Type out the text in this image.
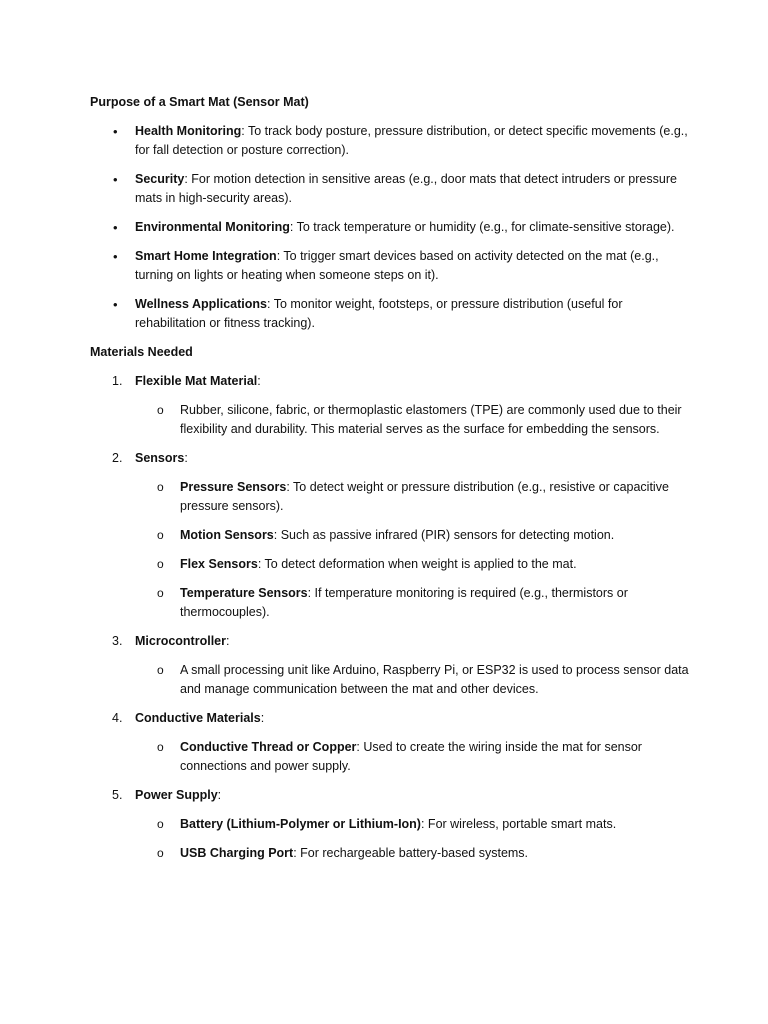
Purpose of a Smart Mat (Sensor Mat)
• Health Monitoring: To track body posture, pressure distribution, or detect specific movements (e.g., for fall detection or posture correction).
• Security: For motion detection in sensitive areas (e.g., door mats that detect intruders or pressure mats in high-security areas).
• Environmental Monitoring: To track temperature or humidity (e.g., for climate-sensitive storage).
• Smart Home Integration: To trigger smart devices based on activity detected on the mat (e.g., turning on lights or heating when someone steps on it).
• Wellness Applications: To monitor weight, footsteps, or pressure distribution (useful for rehabilitation or fitness tracking).
Materials Needed
1. Flexible Mat Material:
o Rubber, silicone, fabric, or thermoplastic elastomers (TPE) are commonly used due to their flexibility and durability. This material serves as the surface for embedding the sensors.
2. Sensors:
o Pressure Sensors: To detect weight or pressure distribution (e.g., resistive or capacitive pressure sensors).
o Motion Sensors: Such as passive infrared (PIR) sensors for detecting motion.
o Flex Sensors: To detect deformation when weight is applied to the mat.
o Temperature Sensors: If temperature monitoring is required (e.g., thermistors or thermocouples).
3. Microcontroller:
o A small processing unit like Arduino, Raspberry Pi, or ESP32 is used to process sensor data and manage communication between the mat and other devices.
4. Conductive Materials:
o Conductive Thread or Copper: Used to create the wiring inside the mat for sensor connections and power supply.
5. Power Supply:
o Battery (Lithium-Polymer or Lithium-Ion): For wireless, portable smart mats.
o USB Charging Port: For rechargeable battery-based systems.
